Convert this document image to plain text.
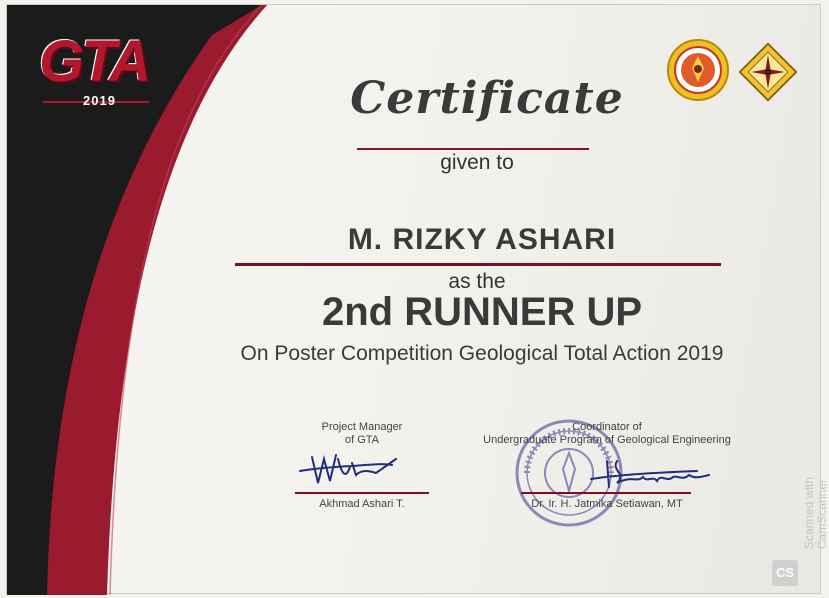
GTA
2019	Certificate
given to
M. RIZKY ASHARI
as the
2nd RUNNER UP
On Poster Competition Geological Total Action 2019
Project Manager
of GTA
Akhmad Ashari T.
Coordinator of
Undergraduate Program of Geological Engineering
Dr. Ir. H. Jatmika Setiawan, MT
CS
Scanned with CamScanner
